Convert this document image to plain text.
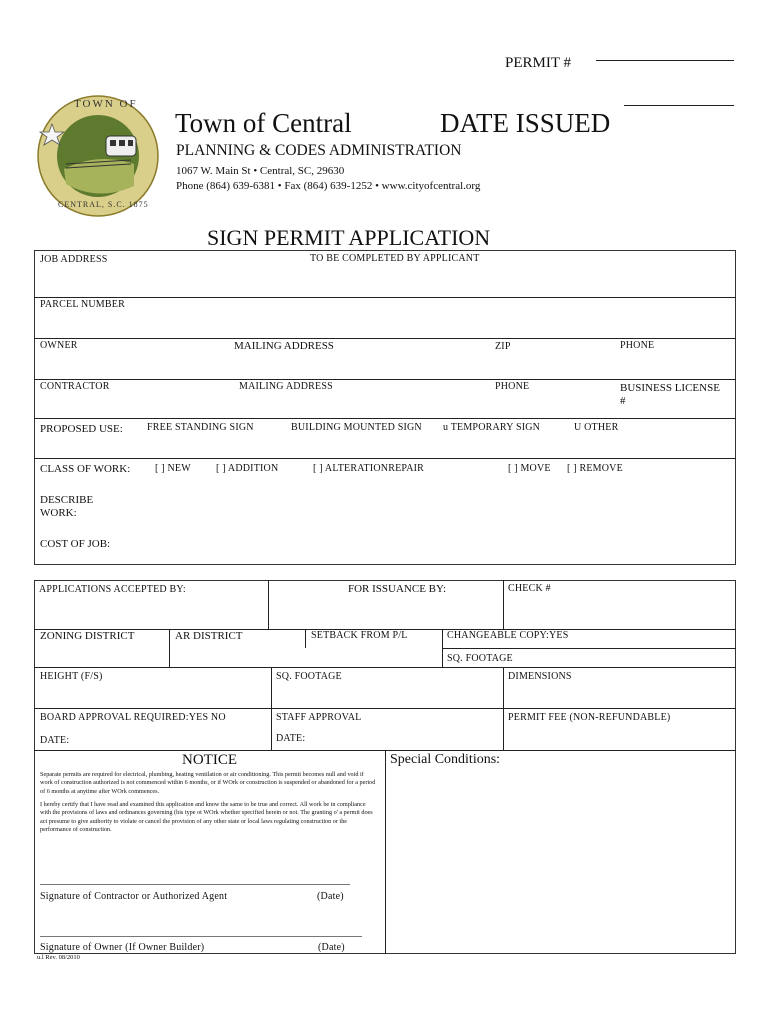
PERMIT #
TOWN OF
CENTRAL, S.C. 1875
Town of Central	DATE ISSUED
PLANNING & CODES ADMINISTRATION
1067 W. Main St • Central, SC, 29630
Phone (864) 639-6381 • Fax (864) 639-1252 • www.cityofcentral.org
SIGN PERMIT APPLICATION
JOB ADDRESS	TO BE COMPLETED BY APPLICANT
PARCEL NUMBER
OWNER	MAILING ADDRESS	ZIP	PHONE
CONTRACTOR	MAILING ADDRESS	PHONE	BUSINESS LICENSE
#
PROPOSED USE: FREE STANDING SIGN	BUILDING MOUNTED SIGN u TEMPORARY SIGN	U OTHER
CLASS OF WORK: [ ] NEW	[ ] ADDITION	[ ] ALTERATIONREPAIR	[ ] MOVE [ ] REMOVE
DESCRIBE
WORK:
COST OF JOB:
APPLICATIONS ACCEPTED BY:	FOR ISSUANCE BY:	CHECK #
ZONING DISTRICT	AR DISTRICT	SETBACK FROM P/L	CHANGEABLE COPY:YES
SQ. FOOTAGE
HEIGHT (F/S)	SQ. FOOTAGE	DIMENSIONS
BOARD APPROVAL REQUIRED:YES NO	STAFF APPROVAL	PERMIT FEE (NON-REFUNDABLE)
DATE:	DATE:
NOTICE
Separate permits are required for electrical, plumbing, heating ventilation or air conditioning. This permit becomes null and void if work of construction authorized is not commenced within 6 months, or if WOrk or construction is suspended or abandoned for a period of 6 months at anytime after WOrk commences.
I hereby certify that I have read and examined this application and know the same to be true and correct. All work be in compliance with the provisions of laws and ordinances governing (his type ot WOrk whether specified herein or not. The granting o' a permit does act presume to give authority to violate or cancel the provision of any other state or local laws regulating construction or the performance of construction.
Special Conditions:
Signature of Contractor or Authorized Agent	(Date)
Signature of Owner (If Owner Builder)	(Date)
u.l Rev. 08/2010
